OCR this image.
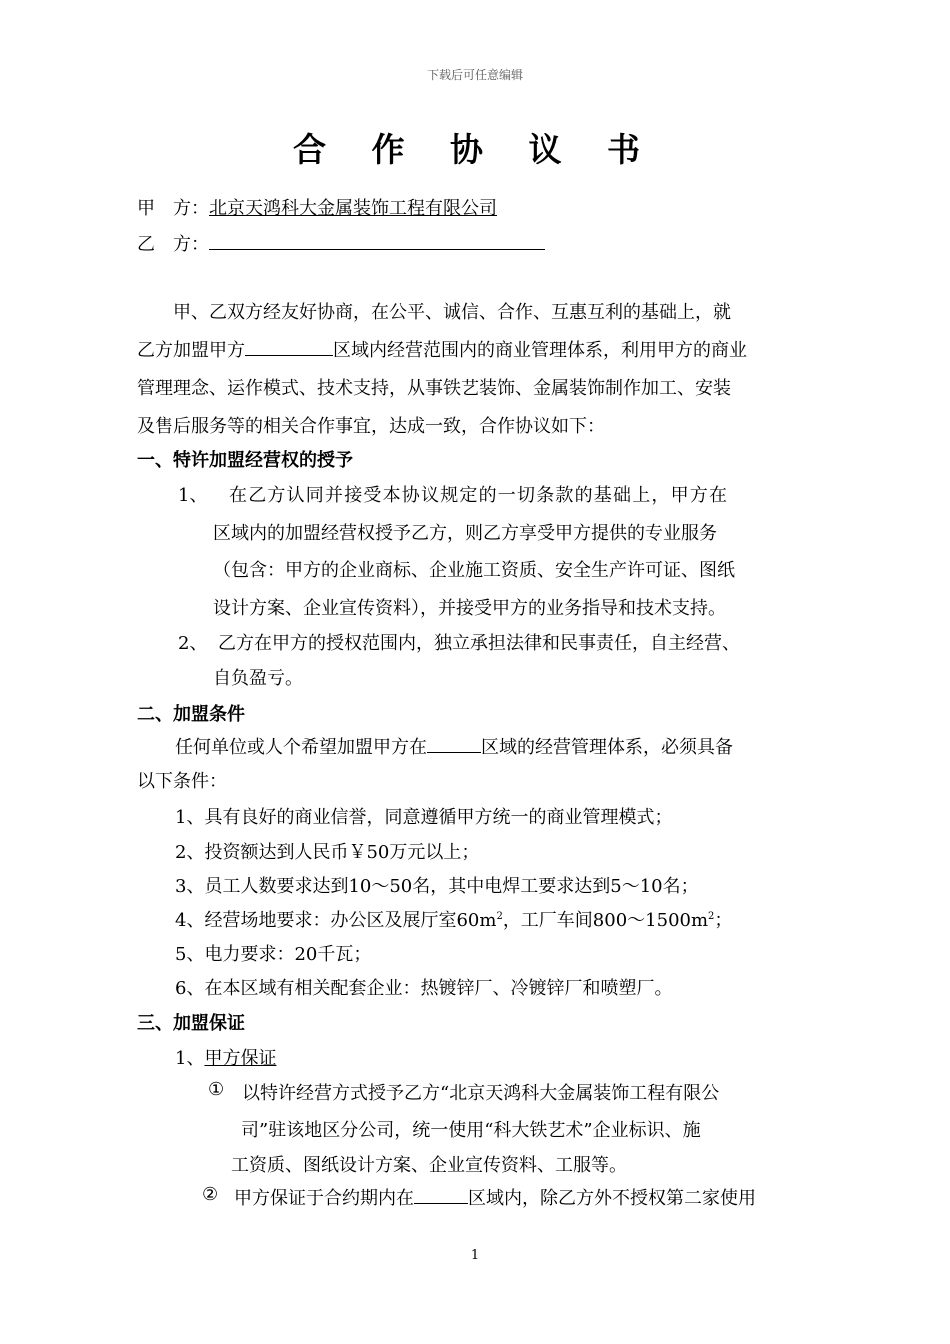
下载后可任意编辑
合 作 协 议 书
甲　方：北京天鸿科大金属装饰工程有限公司
乙　方：
甲、乙双方经友好协商，在公平、诚信、合作、互惠互利的基础上，就
乙方加盟甲方	区域内经营范围内的商业管理体系，利用甲方的商业
管理理念、运作模式、技术支持，从事铁艺装饰、金属装饰制作加工、安装
及售后服务等的相关合作事宜，达成一致，合作协议如下：
一、特许加盟经营权的授予
1、 在乙方认同并接受本协议规定的一切条款的基础上，甲方在
区域内的加盟经营权授予乙方，则乙方享受甲方提供的专业服务
（包含：甲方的企业商标、企业施工资质、安全生产许可证、图纸
设计方案、企业宣传资料），并接受甲方的业务指导和技术支持。
2、 乙方在甲方的授权范围内，独立承担法律和民事责任，自主经营、
自负盈亏。
二、加盟条件
任何单位或人个希望加盟甲方在	区域的经营管理体系，必须具备
以下条件：
1、具有良好的商业信誉，同意遵循甲方统一的商业管理模式；
2、投资额达到人民币￥50万元以上；
3、员工人数要求达到10～50名，其中电焊工要求达到5～10名；
4、经营场地要求：办公区及展厅室$60m^2$，工厂车间$800\sim 1500m^2$；
5、电力要求：20千瓦；
6、在本区域有相关配套企业：热镀锌厂、冷镀锌厂和喷塑厂。
三、加盟保证
1、甲方保证
① 以特许经营方式授予乙方“北京天鸿科大金属装饰工程有限公
司”驻该地区分公司，统一使用“科大铁艺术”企业标识、施
工资质、图纸设计方案、企业宣传资料、工服等。
② 甲方保证于合约期内在	区域内，除乙方外不授权第二家使用
1
